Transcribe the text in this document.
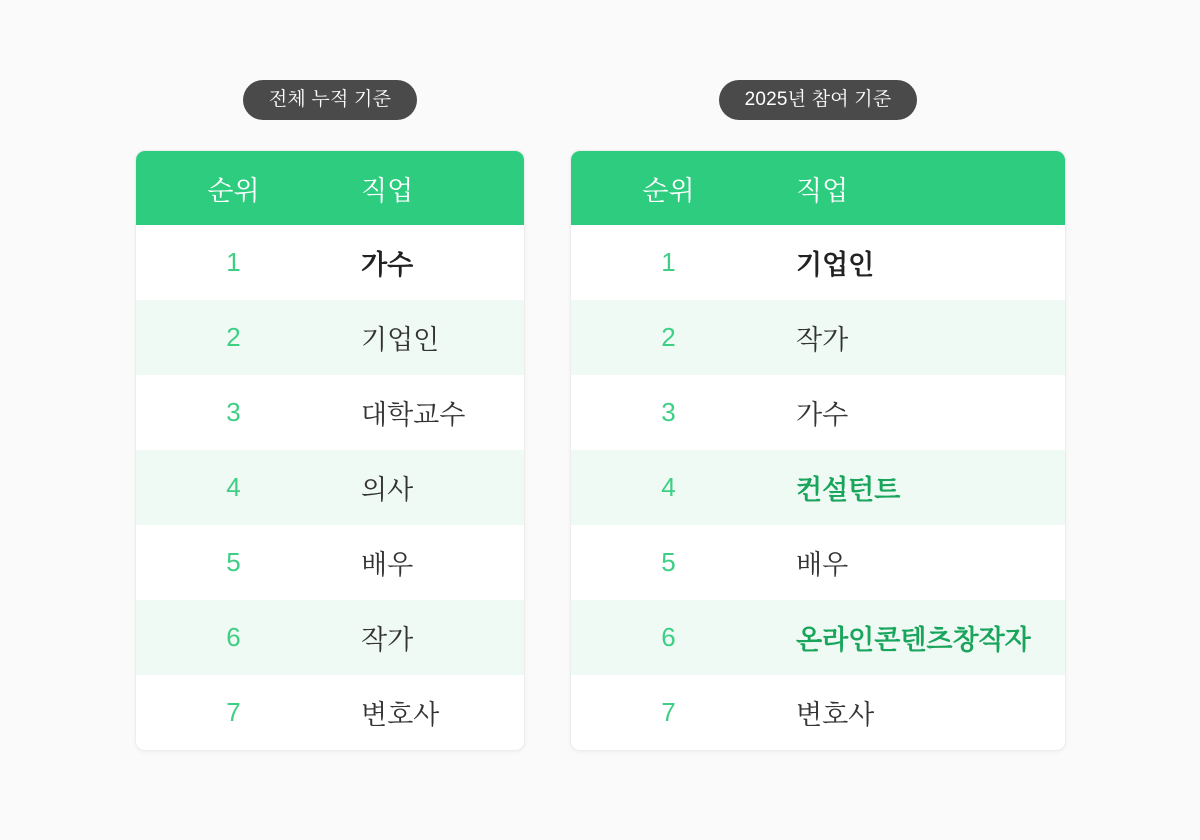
전체 누적 기준
순위	직업
1	가수
2	기업인
3	대학교수
4	의사
5	배우
6	작가
7	변호사
2025년 참여 기준
순위	직업
1	기업인
2	작가
3	가수
4	컨설턴트
5	배우
6	온라인콘텐츠창작자
7	변호사
